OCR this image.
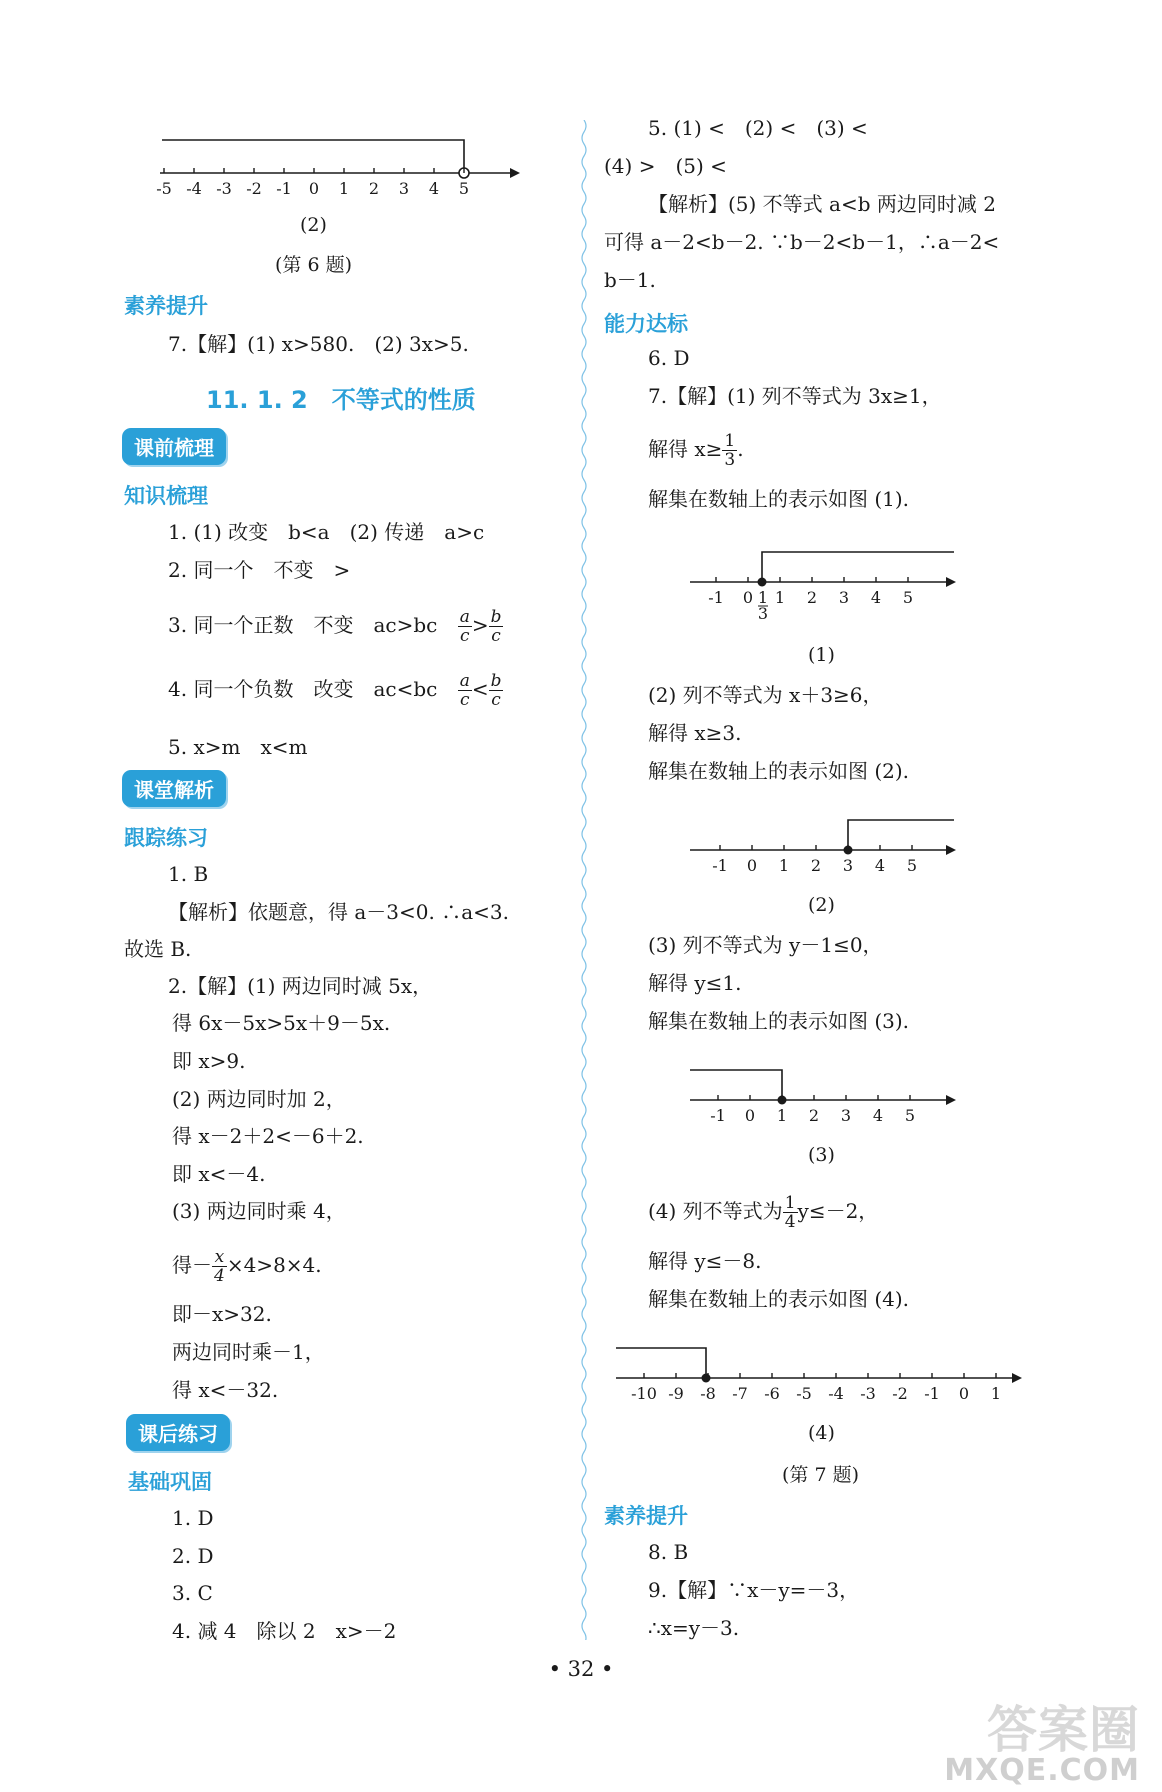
-5 -4 -3 -2 -1 0 1 2 3 4 5
(2)
(第 6 题)
素养提升
7.【解】(1) x>580.　(2) 3x>5.
11. 1. 2　不等式的性质
课前梳理
知识梳理
1. (1) 改变　b<a　(2) 传递　a>c
2. 同一个　不变　>
3. 同一个正数　不变　$ac>bc \frac{a}{c} > \frac{b}{c}$
4. 同一个负数　改变　$ac<bc \frac{a}{c} < \frac{b}{c}$
5. x>m　x<m
课堂解析
跟踪练习
1. B
【解析】依题意，得 a－3<0. ∴a<3.
故选 B.
2.【解】(1) 两边同时减 5x，
得 6x－5x>5x＋9－5x.
即 x>9.
(2) 两边同时加 2，
得 x－2＋2<－6＋2.
即 x<－4.
(3) 两边同时乘 4，
得－ $\frac{x}{4} \times 4>8\times 4$.
即－x>32.
两边同时乘－1，
得 x<－32.
课后练习
基础巩固
1. D
2. D
3. C
4. 减 4　除以 2　x>－2
5. (1) <　(2) <　(3) <
(4) >　(5) <
【解析】(5) 不等式 a<b 两边同时减 2
可得 a－2<b－2. ∵b－2<b－1，∴a－2<
b－1.
能力达标
6. D
7.【解】(1) 列不等式为 3x≥1，
解得 $x\ge \frac{1}{3}$ .
解集在数轴上的表示如图 (1).
-1 0 1 2 3 4 5
1
3
(1)
(2) 列不等式为 x＋3≥6，
解得 x≥3.
解集在数轴上的表示如图 (2).
-1 0 1 2 3 4 5
(2)
(3) 列不等式为 y－1≤0，
解得 y≤1.
解集在数轴上的表示如图 (3).
-1 0 1 2 3 4 5
(3)
(4) 列不等式为 $\frac{1}{4} y\le-2$，
解得 y≤－8.
解集在数轴上的表示如图 (4).
-10 -9 -8 -7 -6 -5 -4 -3 -2 -1 0 1
(4)
(第 7 题)
素养提升
8. B
9.【解】∵x－y=－3，
∴x=y－3.
• 32 •
答案圈
MXQE.COM
